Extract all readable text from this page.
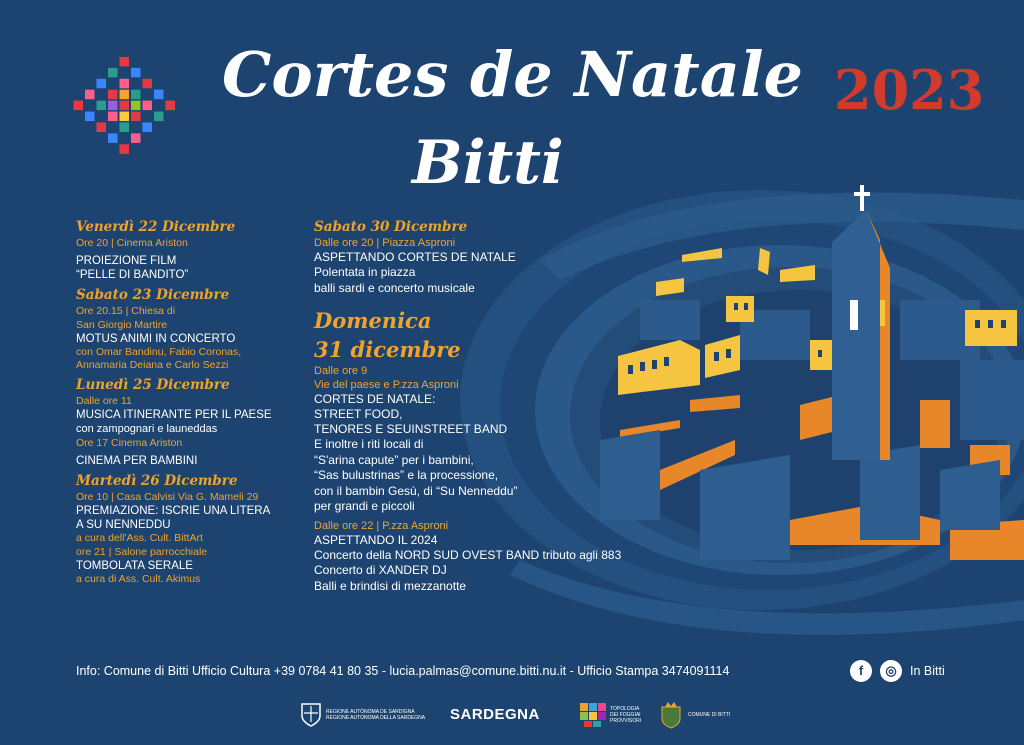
Cortes de Natale 2023
Bitti
Venerdì 22 Dicembre
Ore 20 | Cinema Ariston
PROIEZIONE FILM
“PELLE DI BANDITO”
Sabato 23 Dicembre
Ore 20.15 | Chiesa di
San Giorgio Martire
MOTUS ANIMI IN CONCERTO
con Omar Bandinu, Fabio Coronas,
Annamaria Deiana e Carlo Sezzi
Lunedì 25 Dicembre
Dalle ore 11
MUSICA ITINERANTE PER IL PAESE
con zampognari e launeddas
Ore 17 Cinema Ariston
CINEMA PER BAMBINI
Martedì 26 Dicembre
Ore 10 | Casa Calvisi Via G. Mameli 29
PREMIAZIONE: ISCRIE UNA LITERA
A SU NENNEDDU
a cura dell'Ass. Cult. BittArt
ore 21 | Salone parrocchiale
TOMBOLATA SERALE
a cura di Ass. Cult. Akimus
Sabato 30 Dicembre
Dalle ore 20 | Piazza Asproni
ASPETTANDO CORTES DE NATALE
Polentata in piazza
balli sardi e concerto musicale
Domenica
31 dicembre
Dalle ore 9
Vie del paese e P.zza Asproni
CORTES DE NATALE:
STREET FOOD,
TENORES E SEUINSTREET BAND
E inoltre i riti locali di
“S'arina capute” per i bambini,
“Sas bulustrinas” e la processione,
con il bambin Gesù, di “Su Nenneddu”
per grandi e piccoli
Dalle ore 22 | P.zza Asproni
ASPETTANDO IL 2024
Concerto della NORD SUD OVEST BAND tributo agli 883
Concerto di XANDER DJ
Balli e brindisi di mezzanotte
Info: Comune di Bitti Ufficio Cultura +39 0784 41 80 35 - lucia.palmas@comune.bitti.nu.it - Ufficio Stampa 3474091114	f	◎	In Bitti
REGIONE AUTÒNOMA DE SARDIGNA
REGIONE AUTONOMA DELLA SARDEGNA SARDEGNA	TOPOLOGIA
DEI FOGGIAI
PROVVISORI
COMUNE DI BITTI
